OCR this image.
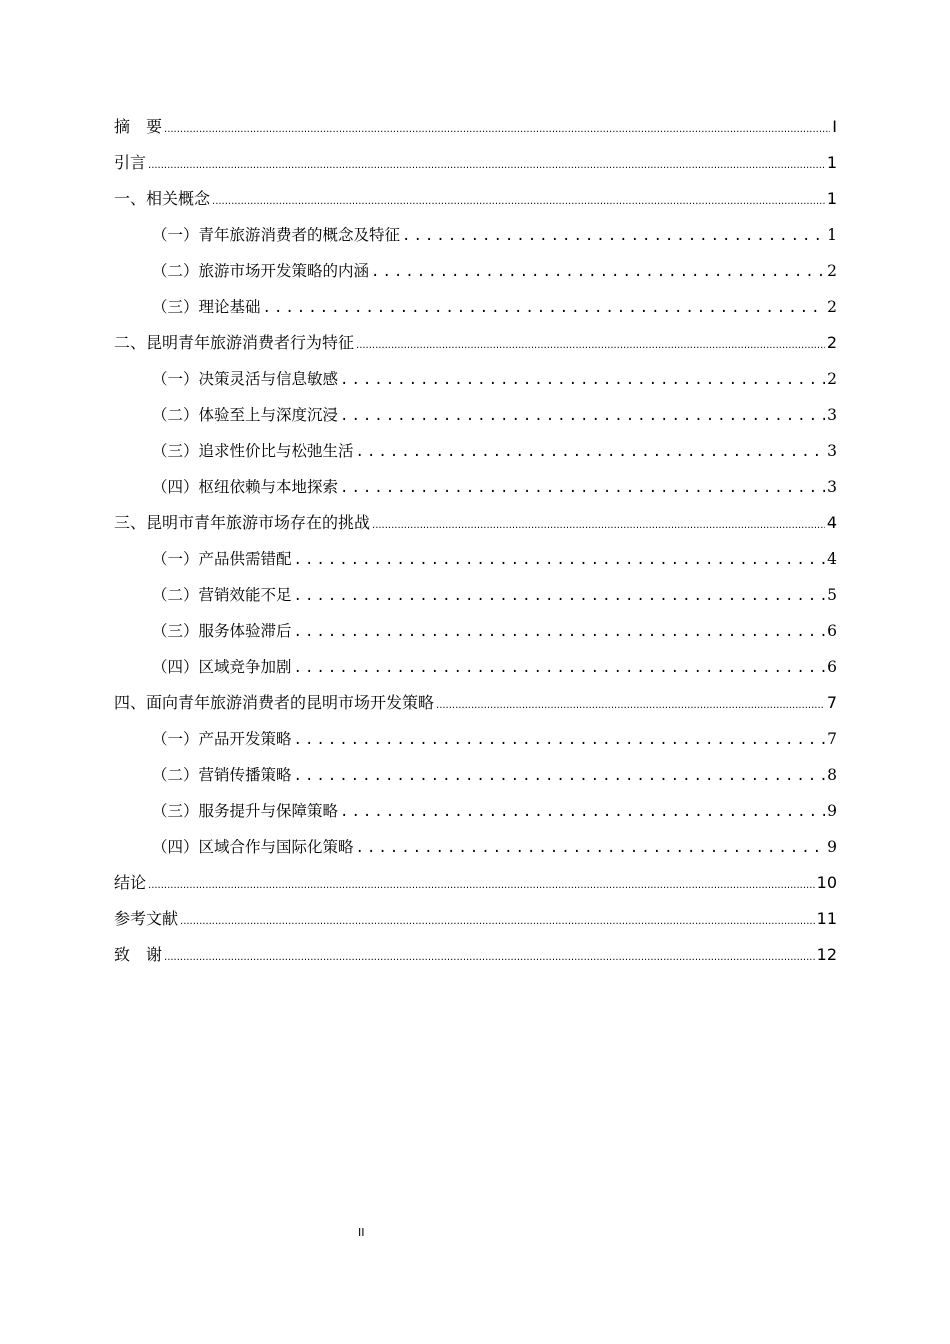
摘　要 .....	I
引言 .....	1
一、相关概念 .....	1
（一）青年旅游消费者的概念及特征 .....	1
（二）旅游市场开发策略的内涵 .....	2
（三）理论基础 .....	2
二、昆明青年旅游消费者行为特征 .....	2
（一）决策灵活与信息敏感 .....	2
（二）体验至上与深度沉浸 .....	3
（三）追求性价比与松弛生活 .....	3
（四）枢纽依赖与本地探索 .....	3
三、昆明市青年旅游市场存在的挑战 .....	4
（一）产品供需错配 .....	4
（二）营销效能不足 .....	5
（三）服务体验滞后 .....	6
（四）区域竞争加剧 .....	6
四、面向青年旅游消费者的昆明市场开发策略 .....	7
（一）产品开发策略 .....	7
（二）营销传播策略 .....	8
（三）服务提升与保障策略 .....	9
（四）区域合作与国际化策略 .....	9
结论 .....	10
参考文献 .....	11
致　谢 .....	12
II
